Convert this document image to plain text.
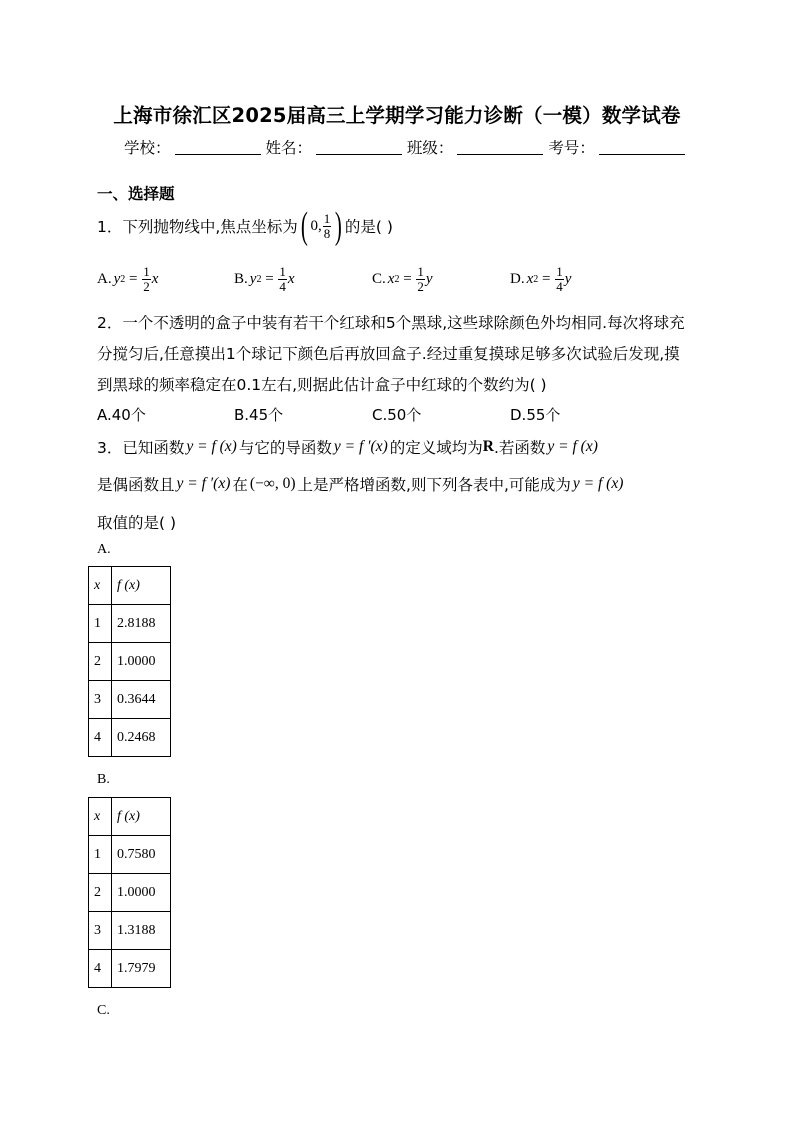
上海市徐汇区2025届高三上学期学习能力诊断（一模）数学试卷
学校：	姓名：	班级：	考号：
一、选择题
1．下列抛物线中,焦点坐标为 ( 0, $\frac{1}{8}$ ) 的是( )
A. y $2 = \frac{1}{2}$ x	B. y $2 = \frac{1}{4}$ x	C. x $2 = \frac{1}{2}$ y	D. x $2 = \frac{1}{4}$ y
2．一个不透明的盒子中装有若干个红球和5个黑球,这些球除颜色外均相同.每次将球充
分搅匀后,任意摸出1个球记下颜色后再放回盒子.经过重复摸球足够多次试验后发现,摸
到黑球的频率稳定在0.1左右,则据此估计盒子中红球的个数约为( )
A.40个	B.45个	C.50个	D.55个
3．已知函数 y = f (x) 与它的导函数 y = f ′(x) 的定义域均为 R .若函数 y = f (x)
是偶函数且 y = f ′(x) 在 (−∞, 0) 上是严格增函数,则下列各表中,可能成为 y = f (x)
取值的是( )
A.
x	f (x)
1	2.8188
2	1.0000
3	0.3644
4	0.2468
B.
x	f (x)
1	0.7580
2	1.0000
3	1.3188
4	1.7979
C.
